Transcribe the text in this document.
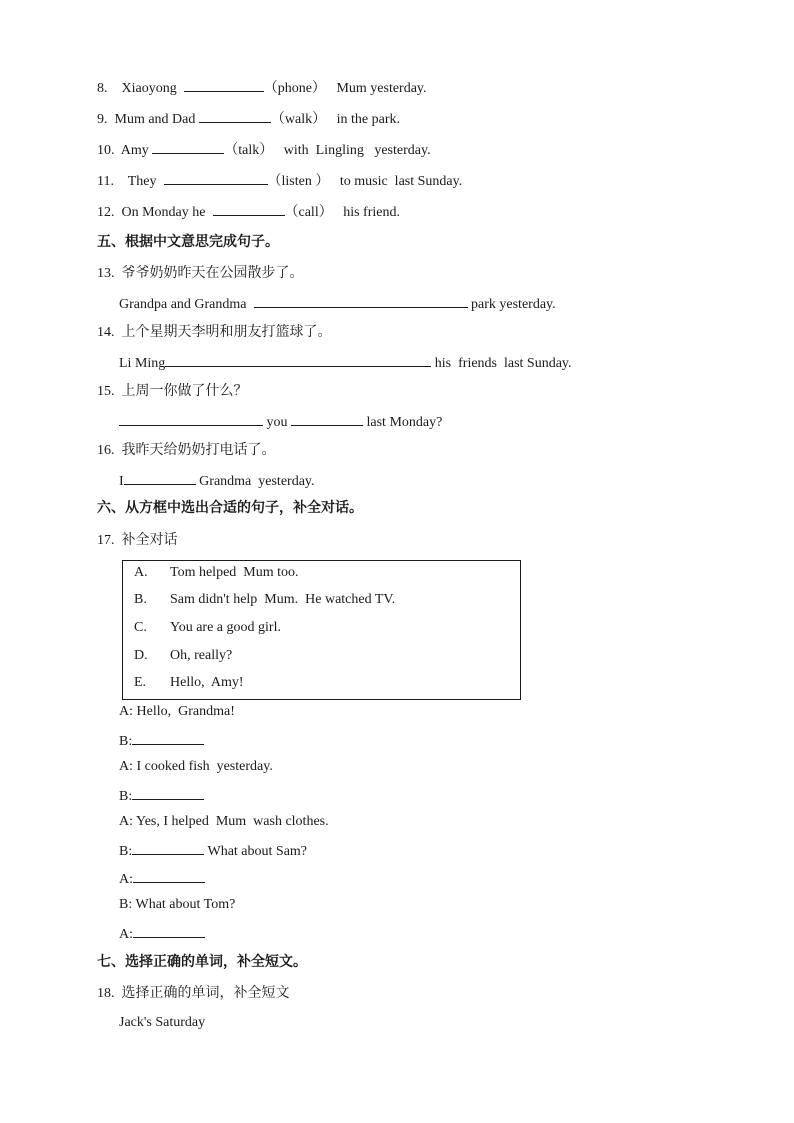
8. Xiaoyong	（phone） Mum yesterday.
9. Mum and Dad	（walk） in the park.
10. Amy	（talk） with  Lingling   yesterday.
11. They	（listen ） to music  last Sunday.
12. On Monday he	（call） his friend.
五、根据中文意思完成句子。
13. 爷爷奶奶昨天在公园散步了。
Grandpa and Grandma	park yesterday.
14. 上个星期天李明和朋友打篮球了。
Li Ming	his  friends  last Sunday.
15. 上周一你做了什么？
you	last Monday?
16. 我昨天给奶奶打电话了。
I	Grandma  yesterday.
六、从方框中选出合适的句子，补全对话。
17. 补全对话
A. Tom helped  Mum too.
B. Sam didn't help  Mum.  He watched TV.
C. You are a good girl.
D. Oh, really?
E. Hello,  Amy!
A: Hello,  Grandma!
B:
A: I cooked fish  yesterday.
B:
A: Yes, I helped  Mum  wash clothes.
B:	What about Sam?
A:
B: What about Tom?
A:
七、选择正确的单词，补全短文。
18. 选择正确的单词，补全短文
Jack's Saturday
